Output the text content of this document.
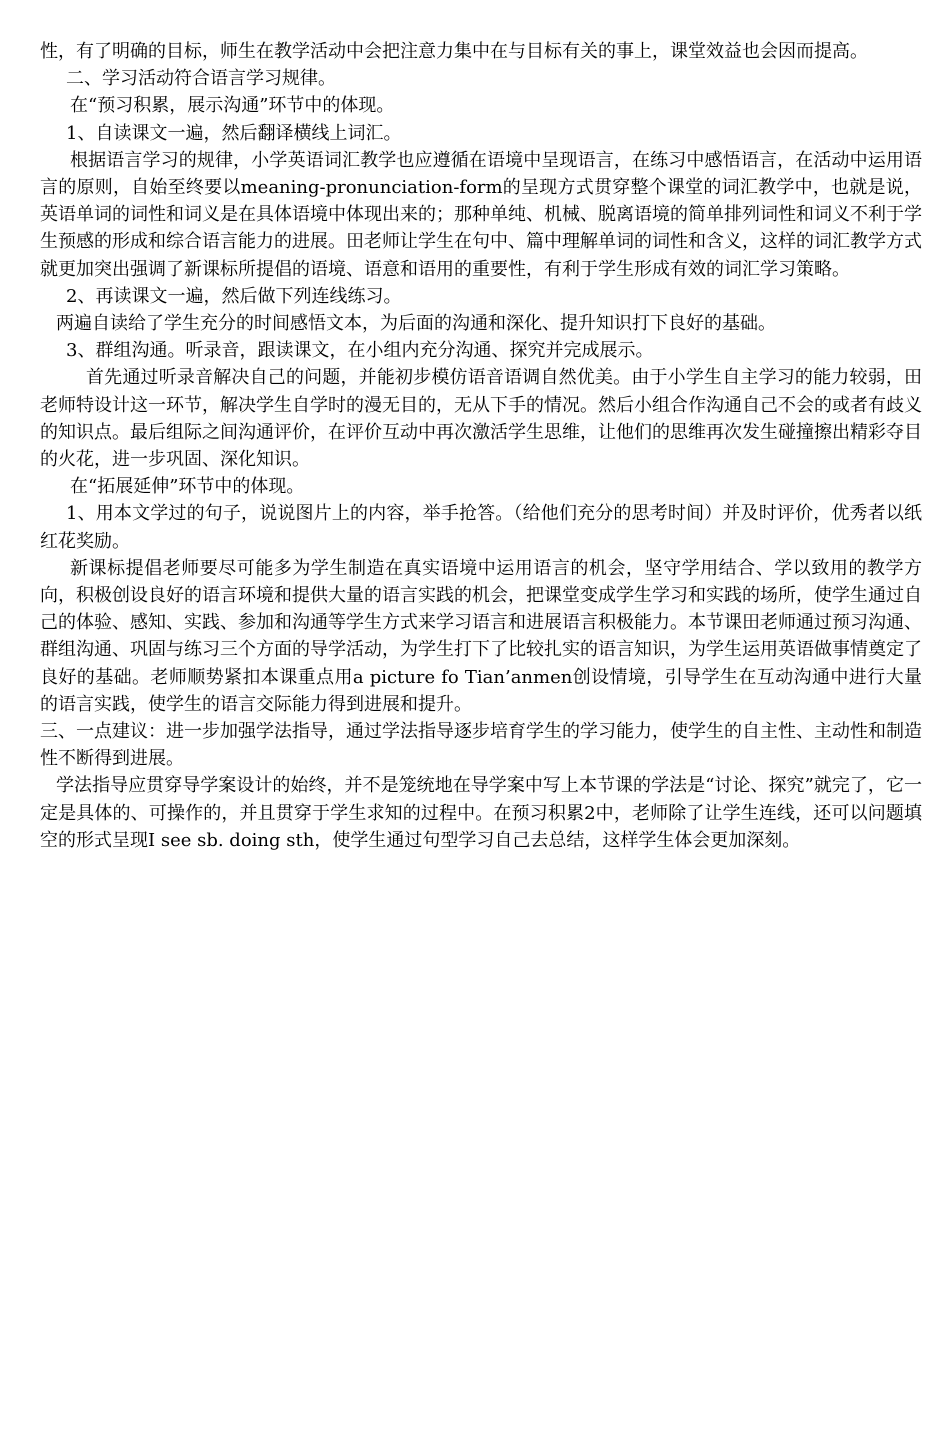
性，有了明确的目标，师生在教学活动中会把注意力集中在与目标有关的事上，课堂效益也会因而提高。

二、学习活动符合语言学习规律。

在“预习积累，展示沟通”环节中的体现。

1、自读课文一遍，然后翻译横线上词汇。

根据语言学习的规律，小学英语词汇教学也应遵循在语境中呈现语言，在练习中感悟语言，在活动中运用语言的原则，自始至终要以meaning-pronunciation-form的呈现方式贯穿整个课堂的词汇教学中，也就是说，英语单词的词性和词义是在具体语境中体现出来的；那种单纯、机械、脱离语境的简单排列词性和词义不利于学生预感的形成和综合语言能力的进展。田老师让学生在句中、篇中理解单词的词性和含义，这样的词汇教学方式就更加突出强调了新课标所提倡的语境、语意和语用的重要性，有利于学生形成有效的词汇学习策略。

2、再读课文一遍，然后做下列连线练习。

两遍自读给了学生充分的时间感悟文本，为后面的沟通和深化、提升知识打下良好的基础。

3、群组沟通。听录音，跟读课文，在小组内充分沟通、探究并完成展示。

首先通过听录音解决自己的问题，并能初步模仿语音语调自然优美。由于小学生自主学习的能力较弱，田老师特设计这一环节，解决学生自学时的漫无目的，无从下手的情况。然后小组合作沟通自己不会的或者有歧义的知识点。最后组际之间沟通评价，在评价互动中再次激活学生思维，让他们的思维再次发生碰撞擦出精彩夺目的火花，进一步巩固、深化知识。

在“拓展延伸”环节中的体现。

1、用本文学过的句子，说说图片上的内容，举手抢答。（给他们充分的思考时间）并及时评价，优秀者以纸红花奖励。

新课标提倡老师要尽可能多为学生制造在真实语境中运用语言的机会，坚守学用结合、学以致用的教学方向，积极创设良好的语言环境和提供大量的语言实践的机会，把课堂变成学生学习和实践的场所，使学生通过自己的体验、感知、实践、参加和沟通等学生方式来学习语言和进展语言积极能力。本节课田老师通过预习沟通、群组沟通、巩固与练习三个方面的导学活动，为学生打下了比较扎实的语言知识，为学生运用英语做事情奠定了良好的基础。老师顺势紧扣本课重点用a picture fo Tian’anmen创设情境，引导学生在互动沟通中进行大量的语言实践，使学生的语言交际能力得到进展和提升。

三、一点建议：进一步加强学法指导，通过学法指导逐步培育学生的学习能力，使学生的自主性、主动性和制造性不断得到进展。

学法指导应贯穿导学案设计的始终，并不是笼统地在导学案中写上本节课的学法是“讨论、探究”就完了，它一定是具体的、可操作的，并且贯穿于学生求知的过程中。在预习积累2中，老师除了让学生连线，还可以问题填空的形式呈现I see sb. doing sth，使学生通过句型学习自己去总结，这样学生体会更加深刻。
